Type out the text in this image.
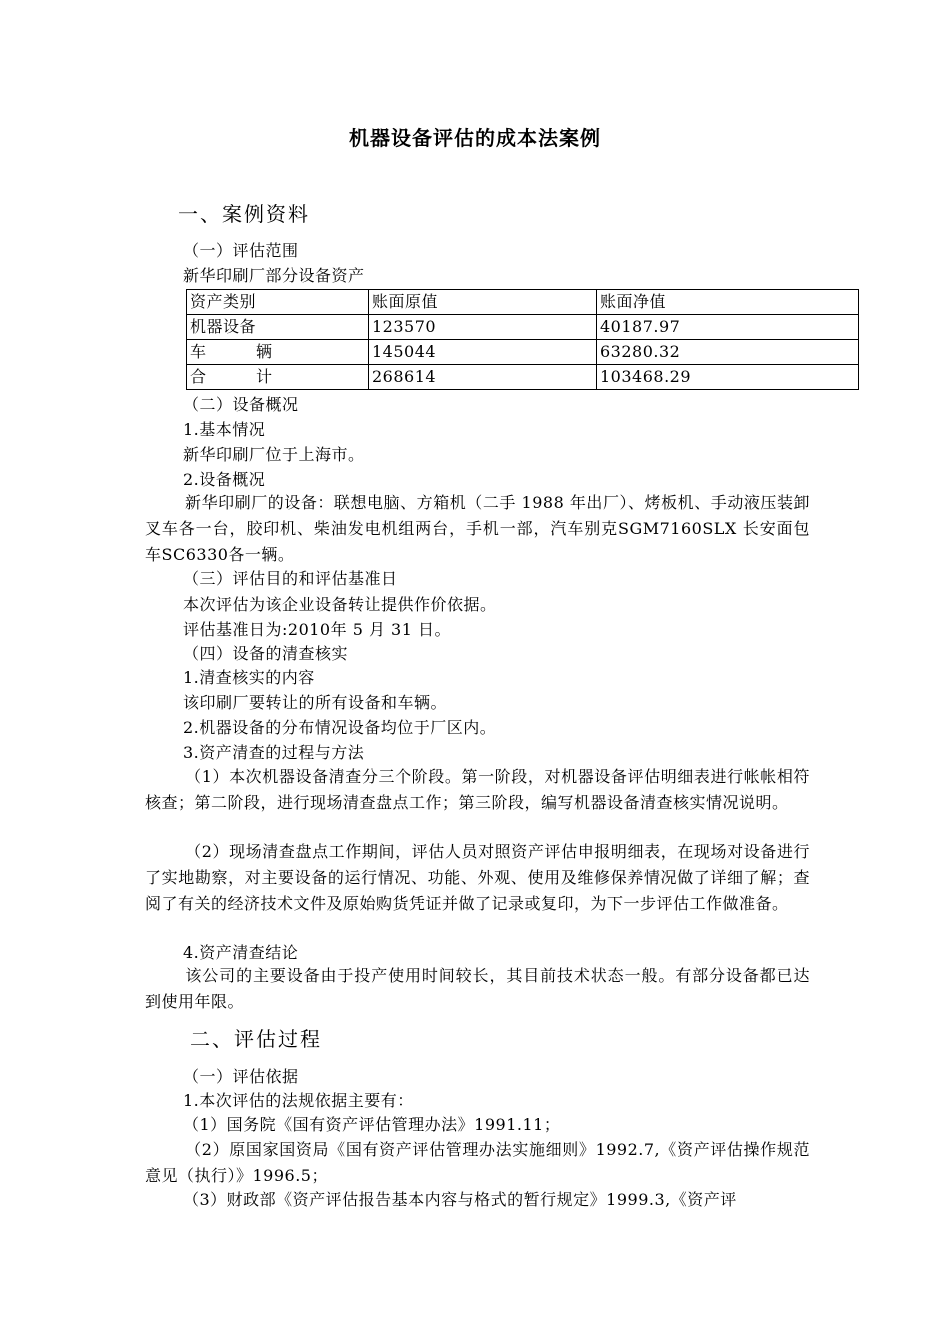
机器设备评估的成本法案例
一、案例资料
（一）评估范围
新华印刷厂部分设备资产
资产类别	账面原值	账面净值
机器设备	123570	40187.97
车　　　辆	145044	63280.32
合　　　计	268614	103468.29
（二）设备概况
1.基本情况
新华印刷厂位于上海市。
2.设备概况
新华印刷厂的设备：联想电脑、方箱机（二手 1988 年出厂）、烤板机、手动液压装卸叉车各一台，胶印机、柴油发电机组两台，手机一部，汽车别克SGM7160SLX 长安面包车SC6330各一辆。
（三）评估目的和评估基准日
本次评估为该企业设备转让提供作价依据。
评估基准日为:2010年 5 月 31 日。
（四）设备的清查核实
1.清查核实的内容
该印刷厂要转让的所有设备和车辆。
2.机器设备的分布情况设备均位于厂区内。
3.资产清查的过程与方法
（1）本次机器设备清查分三个阶段。第一阶段，对机器设备评估明细表进行帐帐相符核查；第二阶段，进行现场清查盘点工作；第三阶段，编写机器设备清查核实情况说明。
（2）现场清查盘点工作期间，评估人员对照资产评估申报明细表，在现场对设备进行了实地勘察，对主要设备的运行情况、功能、外观、使用及维修保养情况做了详细了解；查阅了有关的经济技术文件及原始购货凭证并做了记录或复印，为下一步评估工作做准备。
4.资产清查结论
该公司的主要设备由于投产使用时间较长，其目前技术状态一般。有部分设备都已达到使用年限。
二、评估过程
（一）评估依据
1.本次评估的法规依据主要有：
（1）国务院《国有资产评估管理办法》1991.11；
（2）原国家国资局《国有资产评估管理办法实施细则》1992.7,《资产评估操作规范意见（执行）》1996.5；
（3）财政部《资产评估报告基本内容与格式的暂行规定》1999.3,《资产评
